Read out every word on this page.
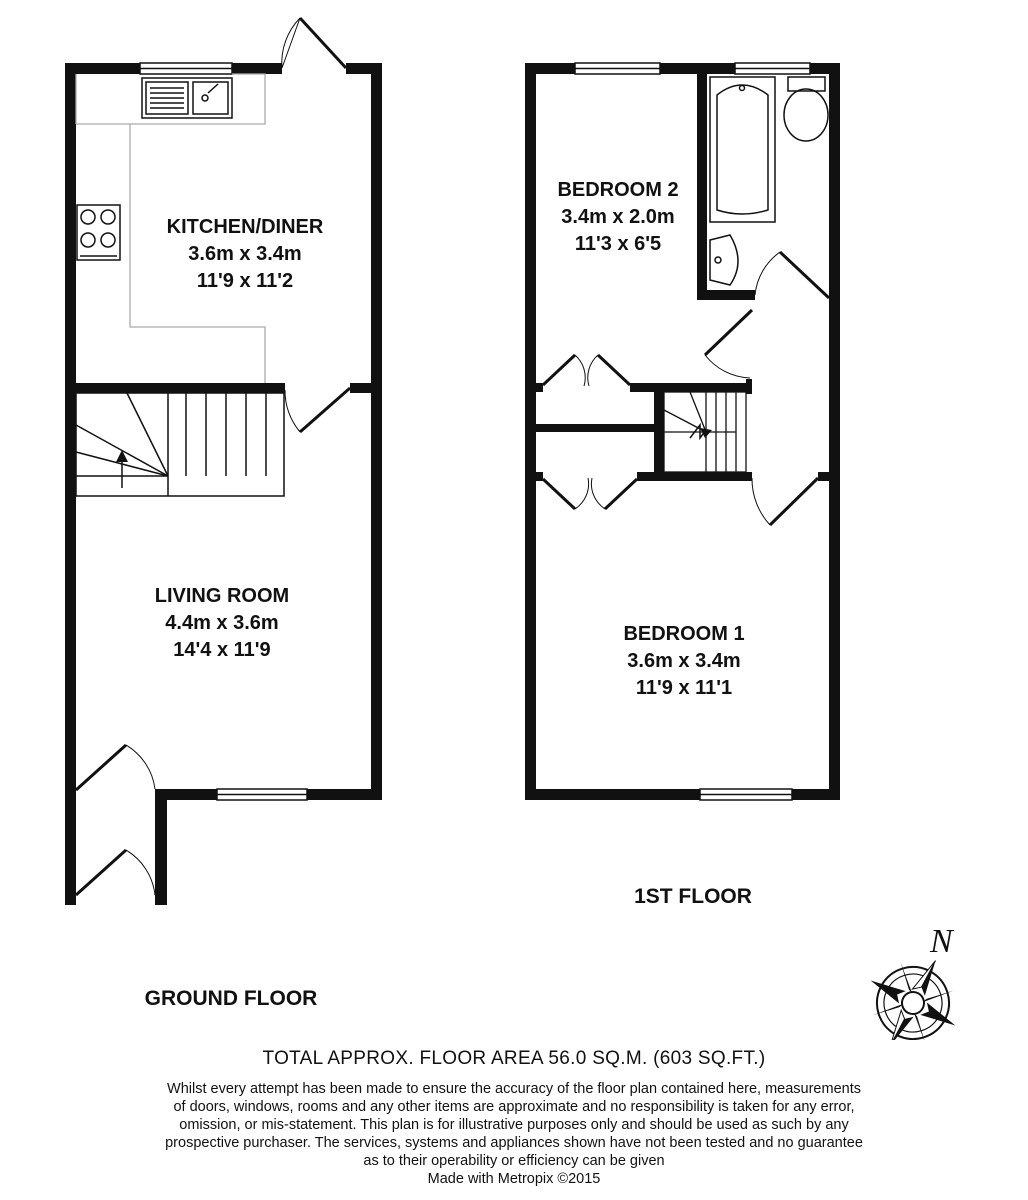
KITCHEN/DINER
3.6m x 3.4m
11'9 x 11'2
LIVING ROOM
4.4m x 3.6m
14'4 x 11'9
BEDROOM 2
3.4m x 2.0m
11'3 x 6'5
BEDROOM 1
3.6m x 3.4m
11'9 x 11'1
1ST FLOOR
GROUND FLOOR
N
TOTAL APPROX. FLOOR AREA 56.0 SQ.M. (603 SQ.FT.)
Whilst every attempt has been made to ensure the accuracy of the floor plan contained here, measurements
of doors, windows, rooms and any other items are approximate and no responsibility is taken for any error,
omission, or mis-statement. This plan is for illustrative purposes only and should be used as such by any
prospective purchaser. The services, systems and appliances shown have not been tested and no guarantee
as to their operability or efficiency can be given
Made with Metropix ©2015
